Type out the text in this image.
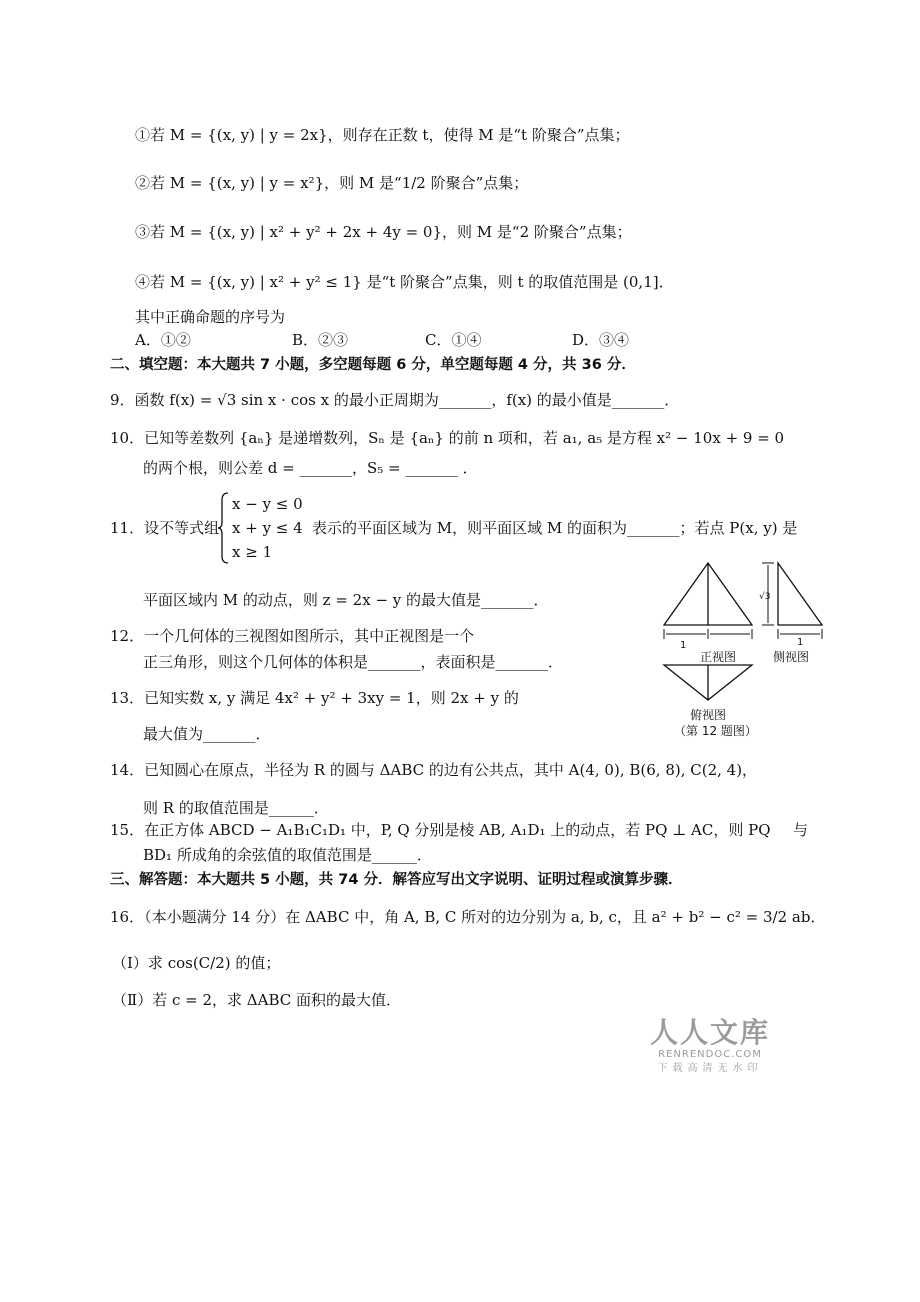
①若 M = {(x, y) | y = 2x}，则存在正数 t，使得 M 是“t 阶聚合”点集；
②若 M = {(x, y) | y = x²}，则 M 是“1/2 阶聚合”点集；
③若 M = {(x, y) | x² + y² + 2x + 4y = 0}，则 M 是“2 阶聚合”点集；
④若 M = {(x, y) | x² + y² ≤ 1} 是“t 阶聚合”点集，则 t 的取值范围是 (0,1]．
其中正确命题的序号为
A．①②	B．②③	C．①④	D．③④
二、填空题：本大题共 7 小题，多空题每题 6 分，单空题每题 4 分，共 36 分．
9．函数 f(x) = √3 sin x · cos x 的最小正周期为_______，f(x) 的最小值是_______．
10．已知等差数列 {aₙ} 是递增数列，Sₙ 是 {aₙ} 的前 n 项和，若 a₁, a₅ 是方程 x² − 10x + 9 = 0
的两个根，则公差 d = _______，S₅ = _______ ．
11．设不等式组
x − y ≤ 0
x + y ≤ 4
x ≥ 1
表示的平面区域为 M，则平面区域 M 的面积为_______；若点 P(x, y) 是
平面区域内 M 的动点，则 z = 2x − y 的最大值是_______．
12．一个几何体的三视图如图所示，其中正视图是一个
正三角形，则这个几何体的体积是_______，表面积是_______．
13．已知实数 x, y 满足 4x² + y² + 3xy = 1，则 2x + y 的
最大值为_______．
14．已知圆心在原点，半径为 R 的圆与 ΔABC 的边有公共点，其中 A(4, 0), B(6, 8), C(2, 4)，
则 R 的取值范围是______．
15．在正方体 ABCD − A₁B₁C₁D₁ 中，P, Q 分别是棱 AB, A₁D₁ 上的动点，若 PQ ⊥ AC，则 PQ 与
BD₁ 所成角的余弦值的取值范围是______．
三、解答题：本大题共 5 小题，共 74 分．解答应写出文字说明、证明过程或演算步骤．
16．（本小题满分 14 分）在 ΔABC 中，角 A, B, C 所对的边分别为 a, b, c，且 a² + b² − c² = 3/2 ab．
（Ⅰ）求 cos(C/2) 的值；
（Ⅱ）若 c = 2，求 ΔABC 面积的最大值．
1
正视图
√3
1
侧视图
俯视图
（第 12 题图）
人人文库
RENRENDOC.COM
下载高清无水印
